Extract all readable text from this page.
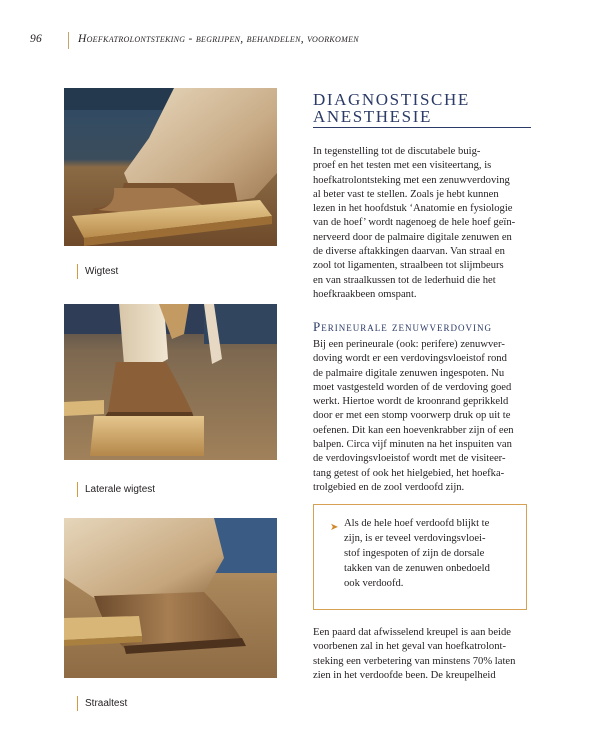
96	Hoefkatrolontsteking - begrijpen, behandelen, voorkomen
Wigtest
Laterale wigtest
Straaltest
DIAGNOSTISCHE
ANESTHESIE
In tegenstelling tot de discutabele buig-
proef en het testen met een visiteertang, is
hoefkatrolontsteking met een zenuwverdoving
al beter vast te stellen. Zoals je hebt kunnen
lezen in het hoofdstuk ‘Anatomie en fysiologie
van de hoef’ wordt nagenoeg de hele hoef geïn-
nerveerd door de palmaire digitale zenuwen en
de diverse aftakkingen daarvan. Van straal en
zool tot ligamenten, straalbeen tot slijmbeurs
en van straalkussen tot de lederhuid die het
hoefkraakbeen omspant.
Perineurale zenuwverdoving
Bij een perineurale (ook: perifere) zenuwver-
doving wordt er een verdovingsvloeistof rond
de palmaire digitale zenuwen ingespoten. Nu
moet vastgesteld worden of de verdoving goed
werkt. Hiertoe wordt de kroonrand geprikkeld
door er met een stomp voorwerp druk op uit te
oefenen. Dit kan een hoevenkrabber zijn of een
balpen. Circa vijf minuten na het inspuiten van
de verdovingsvloeistof wordt met de visiteer-
tang getest of ook het hielgebied, het hoefka-
trolgebied en de zool verdoofd zijn.
➤ Als de hele hoef verdoofd blijkt te
zijn, is er teveel verdovingsvloei-
stof ingespoten of zijn de dorsale
takken van de zenuwen onbedoeld
ook verdoofd.
Een paard dat afwisselend kreupel is aan beide
voorbenen zal in het geval van hoefkatrolont-
steking een verbetering van minstens 70% laten
zien in het verdoofde been. De kreupelheid
